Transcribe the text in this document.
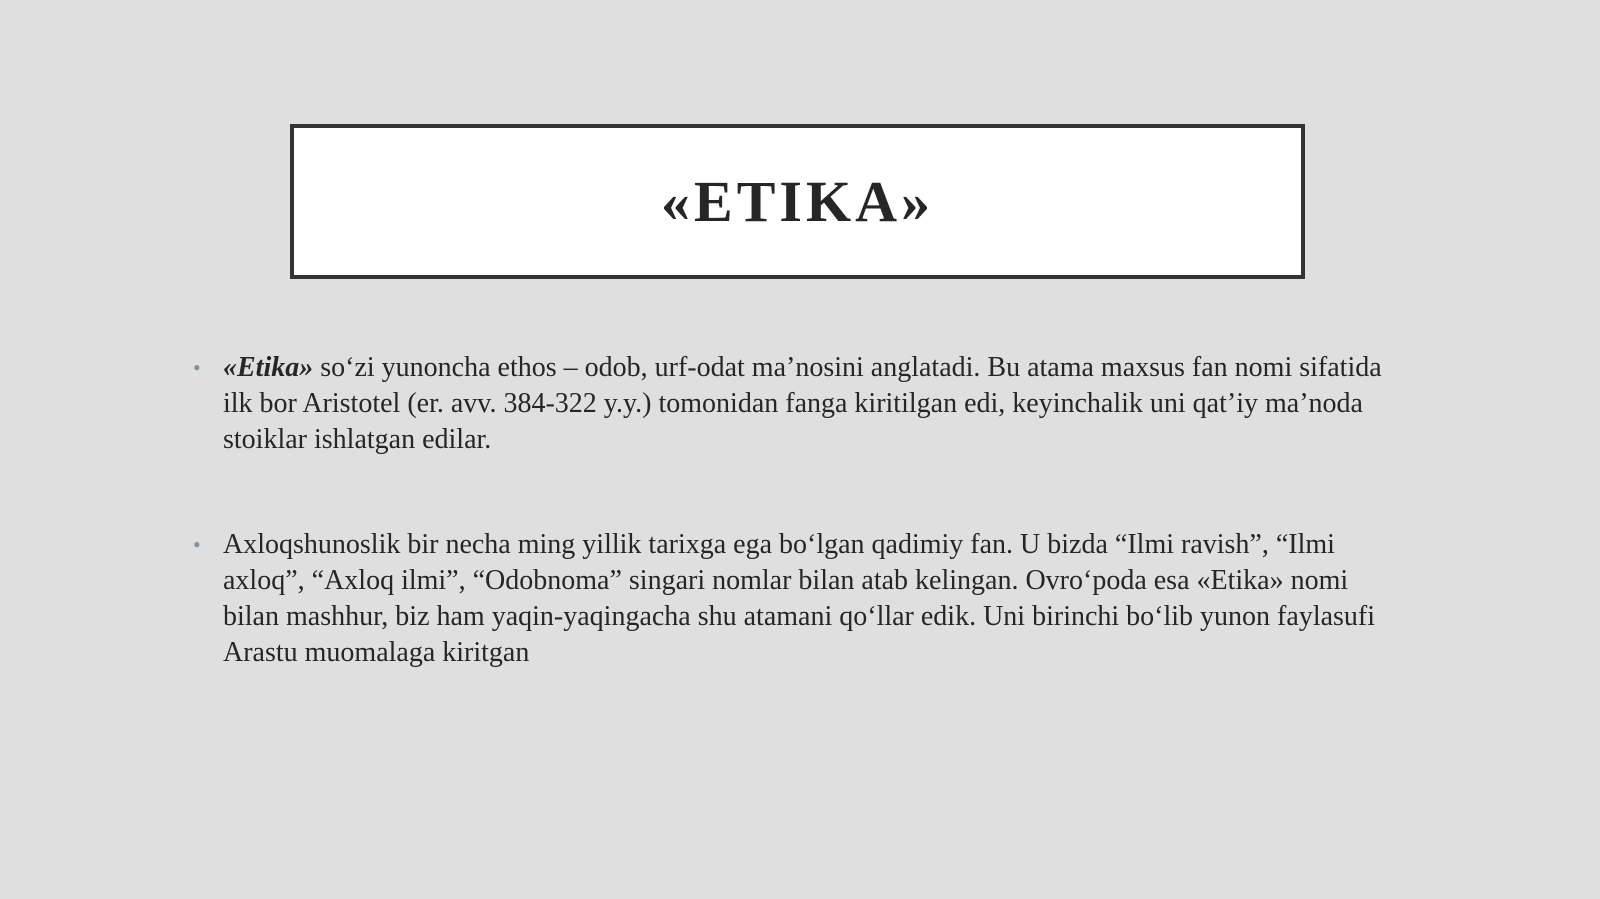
«ETIKA»
• «Etika» so‘zi yunoncha ethos – odob, urf-odat ma’nosini anglatadi. Bu atama maxsus fan nomi sifatida ilk bor Aristotel (er. avv. 384-322 y.y.) tomonidan fanga kiritilgan edi, keyinchalik uni qat’iy ma’noda stoiklar ishlatgan edilar.
• Axloqshunoslik bir necha ming yillik tarixga ega bo‘lgan qadimiy fan. U bizda “Ilmi ravish”, “Ilmi axloq”, “Axloq ilmi”, “Odobnoma” singari nomlar bilan atab kelingan. Ovro‘poda esa «Etika» nomi bilan mashhur, biz ham yaqin-yaqingacha shu atamani qo‘llar edik. Uni birinchi bo‘lib yunon faylasufi Arastu muomalaga kiritgan
